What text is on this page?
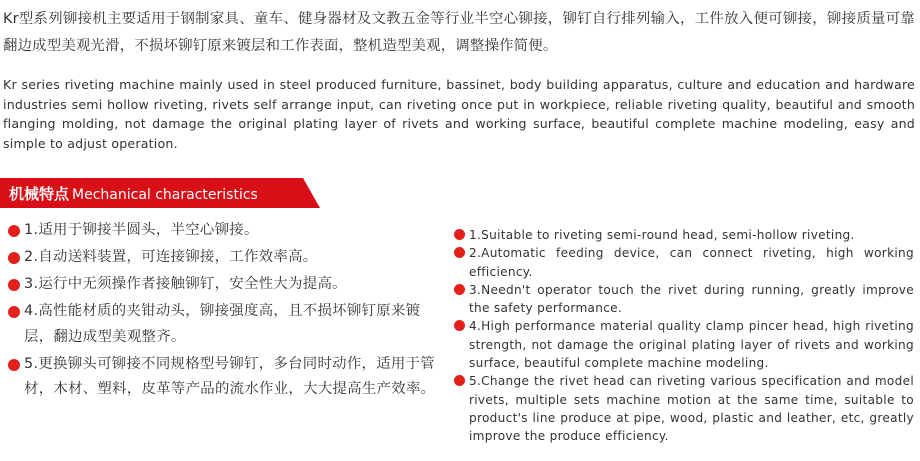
Kr型系列铆接机主要适用于钢制家具、童车、健身器材及文教五金等行业半空心铆接，铆钉自行排列输入，工件放入便可铆接，铆接质量可靠翻边成型美观光滑，不损坏铆钉原来镀层和工作表面，整机造型美观，调整操作简便。
Kr series riveting machine mainly used in steel produced furniture, bassinet, body building apparatus, culture and education and hardware industries semi hollow riveting, rivets self arrange input, can riveting once put in workpiece, reliable riveting quality, beautiful and smooth flanging molding, not damage the original plating layer of rivets and working surface, beautiful complete machine modeling, easy and simple to adjust operation.
机械特点 Mechanical characteristics
1.适用于铆接半圆头，半空心铆接。
2.自动送料装置，可连接铆接，工作效率高。
3.运行中无须操作者接触铆钉，安全性大为提高。
4.高性能材质的夹钳动头，铆接强度高，且不损坏铆钉原来镀层，翻边成型美观整齐。
5.更换铆头可铆接不同规格型号铆钉，多台同时动作，适用于管材，木材、塑料，皮革等产品的流水作业，大大提高生产效率。
1.Suitable to riveting semi-round head, semi-hollow riveting.
2.Automatic feeding device, can connect riveting, high working efficiency.
3.Needn't operator touch the rivet during running, greatly improve the safety performance.
4.High performance material quality clamp pincer head, high riveting strength, not damage the original plating layer of rivets and working surface, beautiful complete machine modeling.
5.Change the rivet head can riveting various specification and model rivets, multiple sets machine motion at the same time, suitable to product's line produce at pipe, wood, plastic and leather, etc, greatly improve the produce efficiency.
